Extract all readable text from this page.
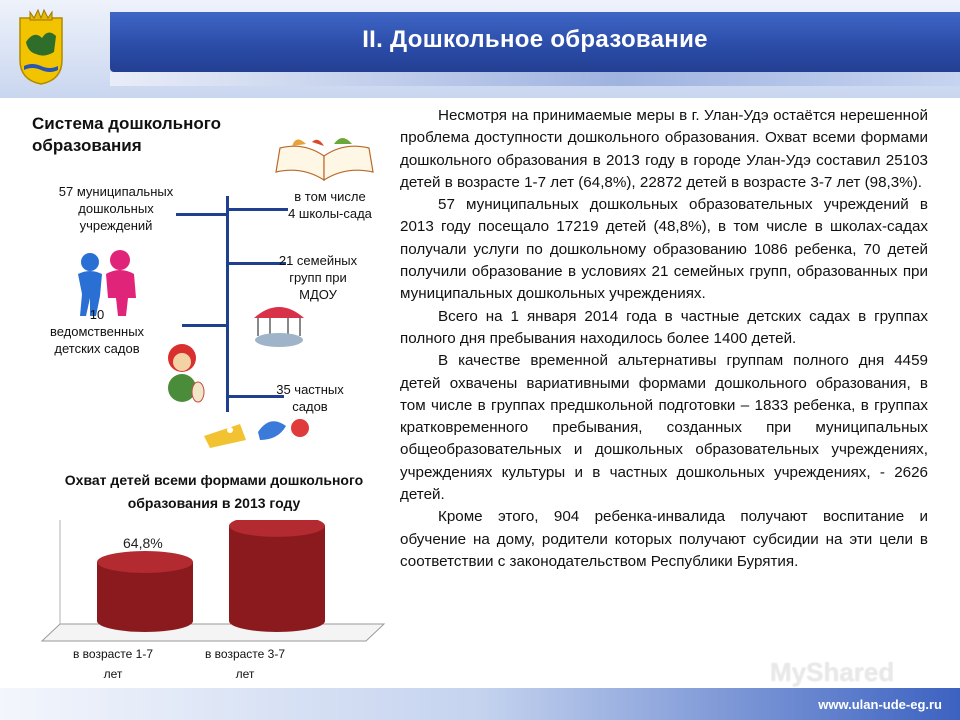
II. Дошкольное образование
Система дошкольного
образования
57 муниципальных
дошкольных
учреждений
в том числе
4 школы-сада
21 семейных
групп при
МДОУ
10
ведомственных
детских садов
35 частных
садов
Охват детей всеми формами дошкольного
образования в 2013 году
64,8%
в возрасте 1-7
лет
в возрасте 3-7
лет

Несмотря на принимаемые меры в г. Улан-Удэ остаётся нерешенной проблема доступности дошкольного образования. Охват всеми формами дошкольного образования в 2013 году в городе Улан-Удэ составил 25103 детей в возрасте 1-7 лет (64,8%), 22872 детей в возрасте 3-7 лет (98,3%).

57 муниципальных дошкольных образовательных учреждений в 2013 году посещало 17219 детей (48,8%), в том числе в школах-садах получали услуги по дошкольному образованию 1086 ребенка, 70 детей получили образование в условиях 21 семейных групп, образованных при муниципальных дошкольных учреждениях.

Всего на 1 января 2014 года в частные детских садах в группах полного дня пребывания находилось более 1400 детей.

В качестве временной альтернативы группам полного дня 4459 детей охвачены вариативными формами дошкольного образования, в том числе в группах предшкольной подготовки – 1833 ребенка, в группах кратковременного пребывания, созданных при муниципальных общеобразовательных и дошкольных образовательных учреждениях, учреждениях культуры и в частных дошкольных учреждениях, - 2626 детей.

Кроме этого, 904 ребенка-инвалида получают воспитание и обучение на дому, родители которых получают субсидии на эти цели в соответствии с законодательством Республики Бурятия.

www.ulan-ude-eg.ru
MyShared
